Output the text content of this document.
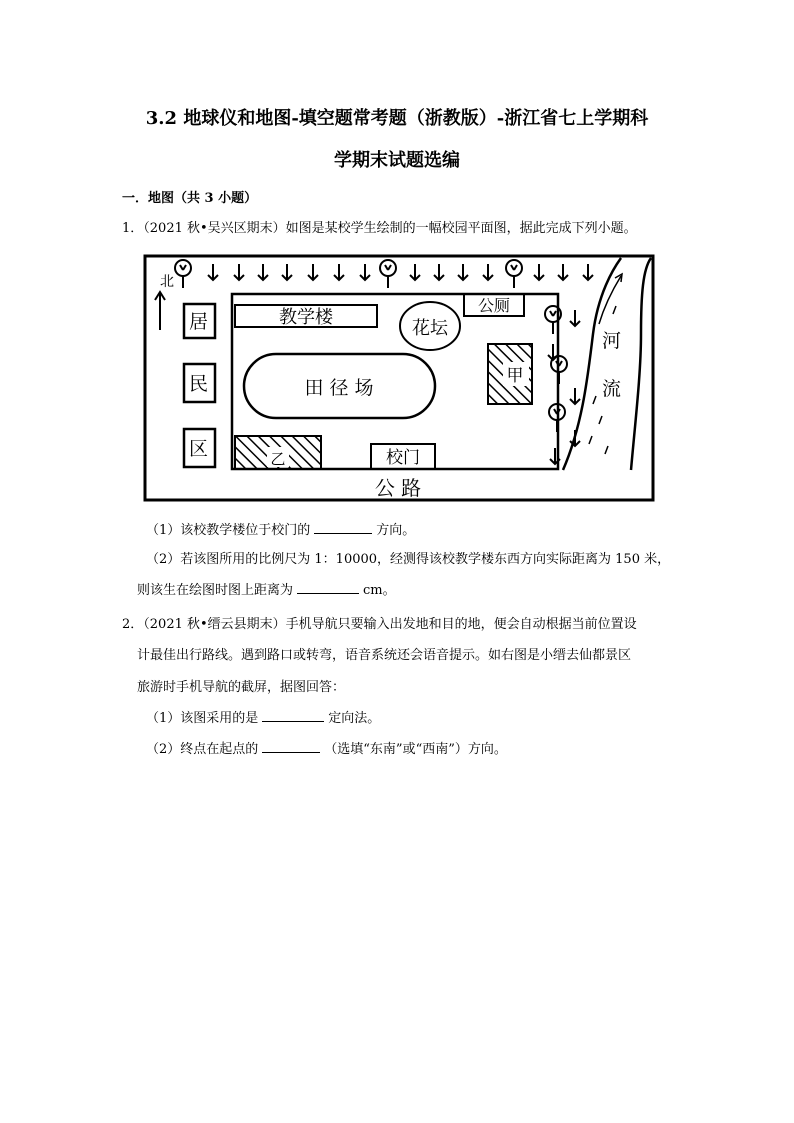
3.2 地球仪和地图-填空题常考题（浙教版）-浙江省七上学期科
学期末试题选编
一．地图（共 3 小题）
1．（2021 秋•吴兴区期末）如图是某校学生绘制的一幅校园平面图，据此完成下列小题。
北
居
民
区
教学楼
花坛
公厕
田 径 场
甲
乙	校门
河
流
公 路
（1）该校教学楼位于校门的	方向。
（2）若该图所用的比例尺为 1：10000，经测得该校教学楼东西方向实际距离为 150 米，
则该生在绘图时图上距离为	cm。
2．（2021 秋•缙云县期末）手机导航只要输入出发地和目的地，便会自动根据当前位置设
计最佳出行路线。遇到路口或转弯，语音系统还会语音提示。如右图是小缙去仙都景区
旅游时手机导航的截屏，据图回答：
（1）该图采用的是	定向法。
（2）终点在起点的	（选填“东南”或“西南”）方向。
